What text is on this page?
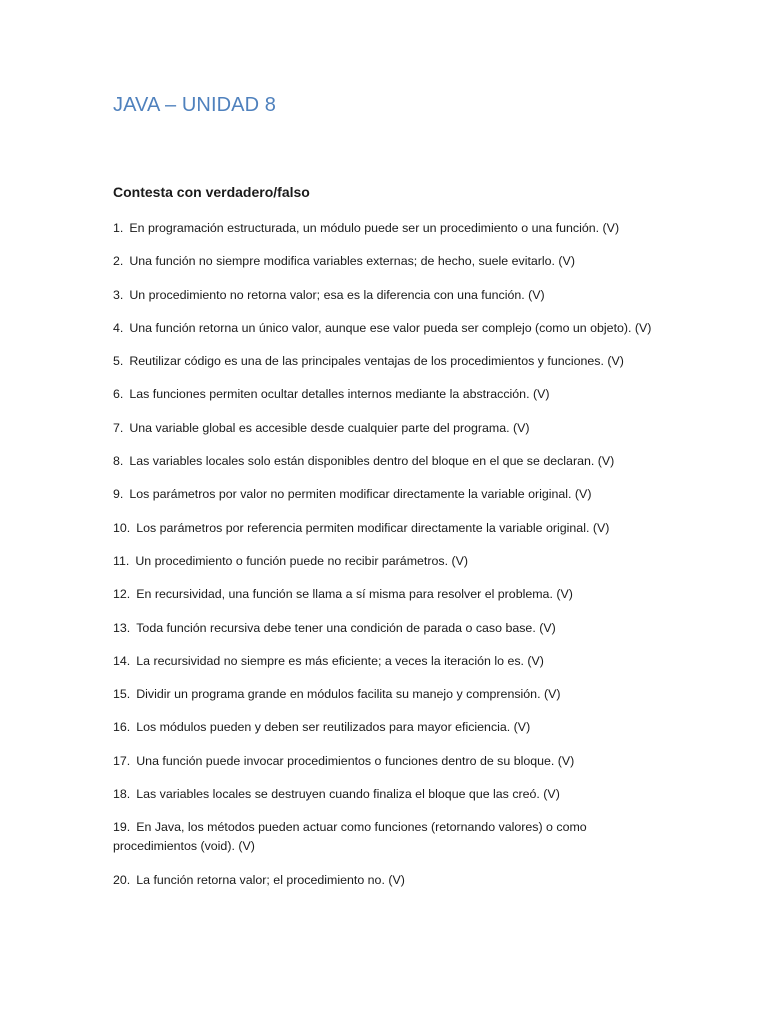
JAVA – UNIDAD 8
Contesta con verdadero/falso
1. En programación estructurada, un módulo puede ser un procedimiento o una función. (V)
2. Una función no siempre modifica variables externas; de hecho, suele evitarlo. (V)
3. Un procedimiento no retorna valor; esa es la diferencia con una función. (V)
4. Una función retorna un único valor, aunque ese valor pueda ser complejo (como un objeto). (V)
5. Reutilizar código es una de las principales ventajas de los procedimientos y funciones. (V)
6. Las funciones permiten ocultar detalles internos mediante la abstracción. (V)
7. Una variable global es accesible desde cualquier parte del programa. (V)
8. Las variables locales solo están disponibles dentro del bloque en el que se declaran. (V)
9. Los parámetros por valor no permiten modificar directamente la variable original. (V)
10. Los parámetros por referencia permiten modificar directamente la variable original. (V)
11. Un procedimiento o función puede no recibir parámetros. (V)
12. En recursividad, una función se llama a sí misma para resolver el problema. (V)
13. Toda función recursiva debe tener una condición de parada o caso base. (V)
14. La recursividad no siempre es más eficiente; a veces la iteración lo es. (V)
15. Dividir un programa grande en módulos facilita su manejo y comprensión. (V)
16. Los módulos pueden y deben ser reutilizados para mayor eficiencia. (V)
17. Una función puede invocar procedimientos o funciones dentro de su bloque. (V)
18. Las variables locales se destruyen cuando finaliza el bloque que las creó. (V)
19. En Java, los métodos pueden actuar como funciones (retornando valores) o como procedimientos (void). (V)
20. La función retorna valor; el procedimiento no. (V)
